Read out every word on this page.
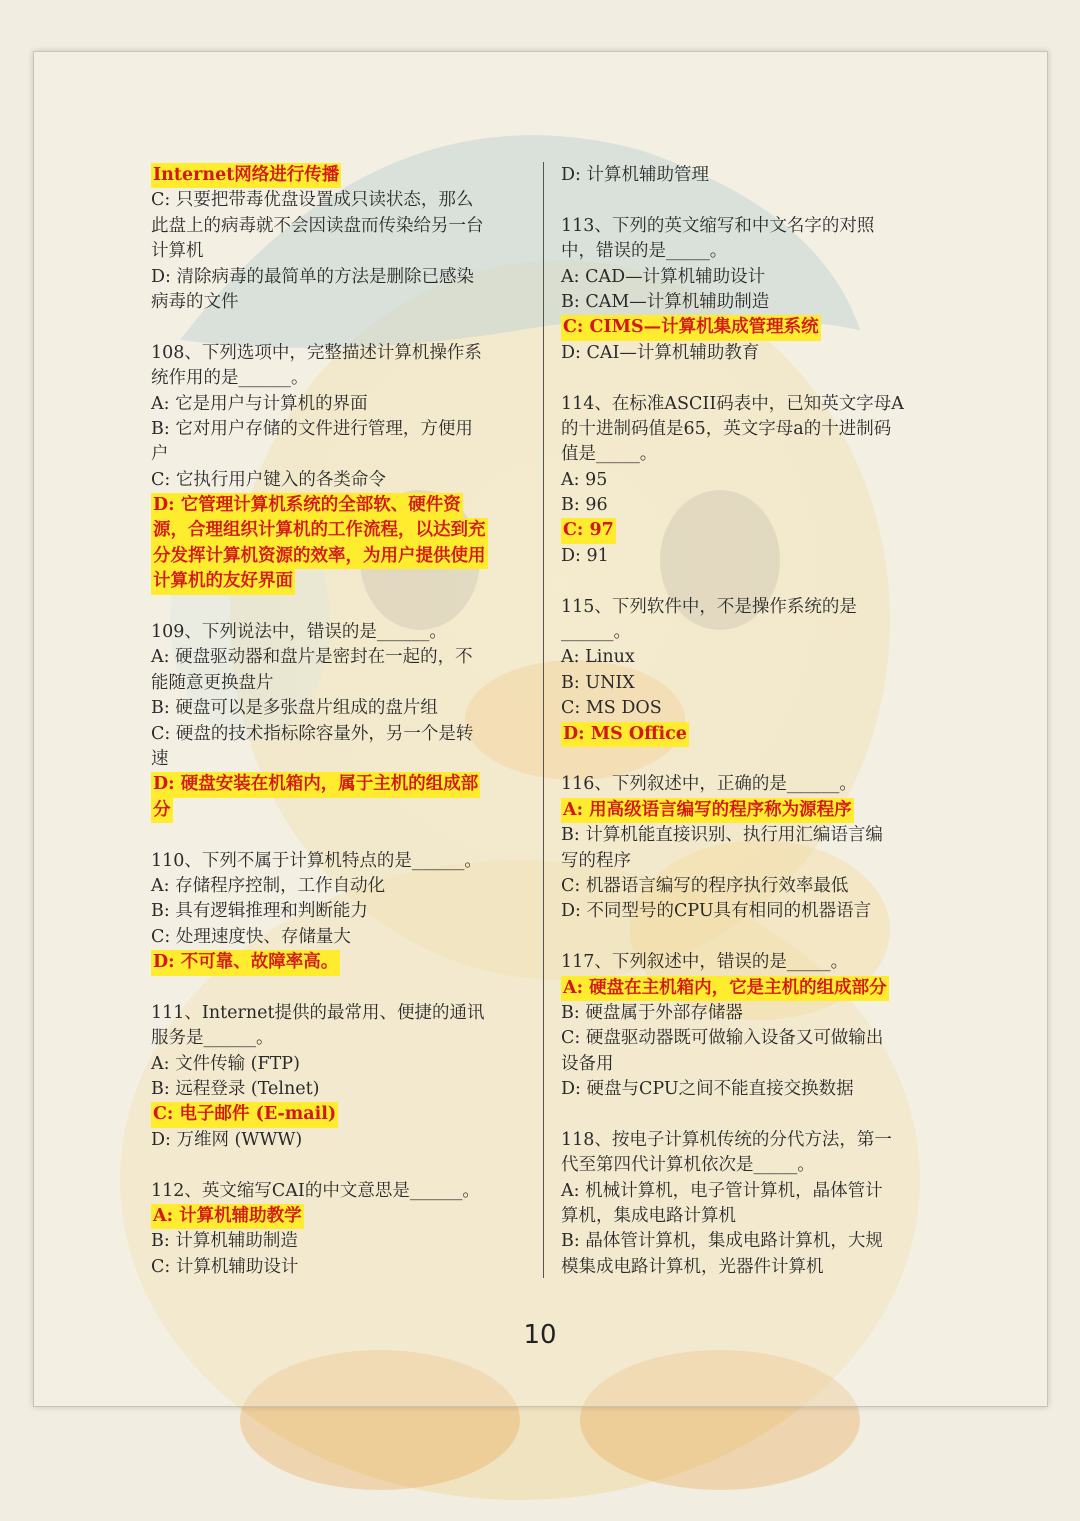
Internet网络进行传播
C: 只要把带毒优盘设置成只读状态，那么
此盘上的病毒就不会因读盘而传染给另一台
计算机
D: 清除病毒的最简单的方法是删除已感染
病毒的文件
108、下列选项中，完整描述计算机操作系
统作用的是______。
A: 它是用户与计算机的界面
B: 它对用户存储的文件进行管理，方便用
户
C: 它执行用户键入的各类命令
D: 它管理计算机系统的全部软、硬件资
源，合理组织计算机的工作流程，以达到充
分发挥计算机资源的效率，为用户提供使用
计算机的友好界面
109、下列说法中，错误的是______。
A: 硬盘驱动器和盘片是密封在一起的，不
能随意更换盘片
B: 硬盘可以是多张盘片组成的盘片组
C: 硬盘的技术指标除容量外，另一个是转
速
D: 硬盘安装在机箱内，属于主机的组成部
分
110、下列不属于计算机特点的是______。
A: 存储程序控制，工作自动化
B: 具有逻辑推理和判断能力
C: 处理速度快、存储量大
D: 不可靠、故障率高。
111、Internet提供的最常用、便捷的通讯
服务是______。
A: 文件传输 (FTP)
B: 远程登录 (Telnet)
C: 电子邮件 (E-mail)
D: 万维网 (WWW)
112、英文缩写CAI的中文意思是______。
A: 计算机辅助教学
B: 计算机辅助制造
C: 计算机辅助设计
D: 计算机辅助管理
113、下列的英文缩写和中文名字的对照
中，错误的是_____。
A: CAD—计算机辅助设计
B: CAM—计算机辅助制造
C: CIMS—计算机集成管理系统
D: CAI—计算机辅助教育
114、在标准ASCII码表中，已知英文字母A
的十进制码值是65，英文字母a的十进制码
值是_____。
A: 95
B: 96
C: 97
D: 91
115、下列软件中，不是操作系统的是
______。
A: Linux
B: UNIX
C: MS DOS
D: MS Office
116、下列叙述中，正确的是______。
A: 用高级语言编写的程序称为源程序
B: 计算机能直接识别、执行用汇编语言编
写的程序
C: 机器语言编写的程序执行效率最低
D: 不同型号的CPU具有相同的机器语言
117、下列叙述中，错误的是_____。
A: 硬盘在主机箱内，它是主机的组成部分
B: 硬盘属于外部存储器
C: 硬盘驱动器既可做输入设备又可做输出
设备用
D: 硬盘与CPU之间不能直接交换数据
118、按电子计算机传统的分代方法，第一
代至第四代计算机依次是_____。
A: 机械计算机，电子管计算机，晶体管计
算机，集成电路计算机
B: 晶体管计算机，集成电路计算机，大规
模集成电路计算机，光器件计算机
10
